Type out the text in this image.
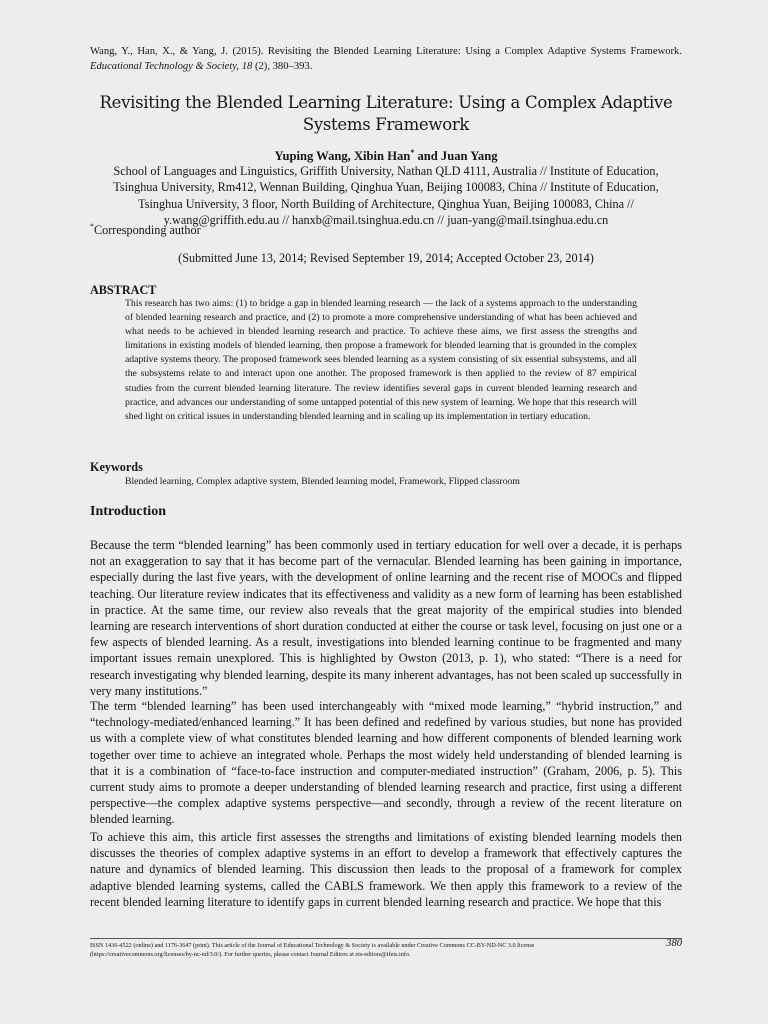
Wang, Y., Han, X., & Yang, J. (2015). Revisiting the Blended Learning Literature: Using a Complex Adaptive Systems Framework. Educational Technology & Society, 18 (2), 380–393.
Revisiting the Blended Learning Literature: Using a Complex Adaptive Systems Framework
Yuping Wang, Xibin Han* and Juan Yang
School of Languages and Linguistics, Griffith University, Nathan QLD 4111, Australia // Institute of Education, Tsinghua University, Rm412, Wennan Building, Qinghua Yuan, Beijing 100083, China // Institute of Education, Tsinghua University, 3 floor, North Building of Architecture, Qinghua Yuan, Beijing 100083, China // y.wang@griffith.edu.au // hanxb@mail.tsinghua.edu.cn // juan-yang@mail.tsinghua.edu.cn
*Corresponding author
(Submitted June 13, 2014; Revised September 19, 2014; Accepted October 23, 2014)
ABSTRACT
This research has two aims: (1) to bridge a gap in blended learning research — the lack of a systems approach to the understanding of blended learning research and practice, and (2) to promote a more comprehensive understanding of what has been achieved and what needs to be achieved in blended learning research and practice. To achieve these aims, we first assess the strengths and limitations in existing models of blended learning, then propose a framework for blended learning that is grounded in the complex adaptive systems theory. The proposed framework sees blended learning as a system consisting of six essential subsystems, and all the subsystems relate to and interact upon one another. The proposed framework is then applied to the review of 87 empirical studies from the current blended learning literature. The review identifies several gaps in current blended learning research and practice, and advances our understanding of some untapped potential of this new system of learning. We hope that this research will shed light on critical issues in understanding blended learning and in scaling up its implementation in tertiary education.
Keywords
Blended learning, Complex adaptive system, Blended learning model, Framework, Flipped classroom
Introduction
Because the term “blended learning” has been commonly used in tertiary education for well over a decade, it is perhaps not an exaggeration to say that it has become part of the vernacular. Blended learning has been gaining in importance, especially during the last five years, with the development of online learning and the recent rise of MOOCs and flipped teaching. Our literature review indicates that its effectiveness and validity as a new form of learning has been established in practice. At the same time, our review also reveals that the great majority of the empirical studies into blended learning are research interventions of short duration conducted at either the course or task level, focusing on just one or a few aspects of blended learning. As a result, investigations into blended learning continue to be fragmented and many important issues remain unexplored. This is highlighted by Owston (2013, p. 1), who stated: “There is a need for research investigating why blended learning, despite its many inherent advantages, has not been scaled up successfully in very many institutions.”
The term “blended learning” has been used interchangeably with “mixed mode learning,” “hybrid instruction,” and “technology-mediated/enhanced learning.” It has been defined and redefined by various studies, but none has provided us with a complete view of what constitutes blended learning and how different components of blended learning work together over time to achieve an integrated whole. Perhaps the most widely held understanding of blended learning is that it is a combination of “face-to-face instruction and computer-mediated instruction” (Graham, 2006, p. 5). This current study aims to promote a deeper understanding of blended learning research and practice, first using a different perspective—the complex adaptive systems perspective—and secondly, through a review of the recent literature on blended learning.
To achieve this aim, this article first assesses the strengths and limitations of existing blended learning models then discusses the theories of complex adaptive systems in an effort to develop a framework that effectively captures the nature and dynamics of blended learning. This discussion then leads to the proposal of a framework for complex adaptive blended learning systems, called the CABLS framework. We then apply this framework to a review of the recent blended learning literature to identify gaps in current blended learning research and practice. We hope that this
ISSN 1436-4522 (online) and 1176-3647 (print). This article of the Journal of Educational Technology & Society is available under Creative Commons CC-BY-ND-NC 3.0 license (https://creativecommons.org/licenses/by-nc-nd/3.0/). For further queries, please contact Journal Editors at ets-editors@ifets.info.
380
